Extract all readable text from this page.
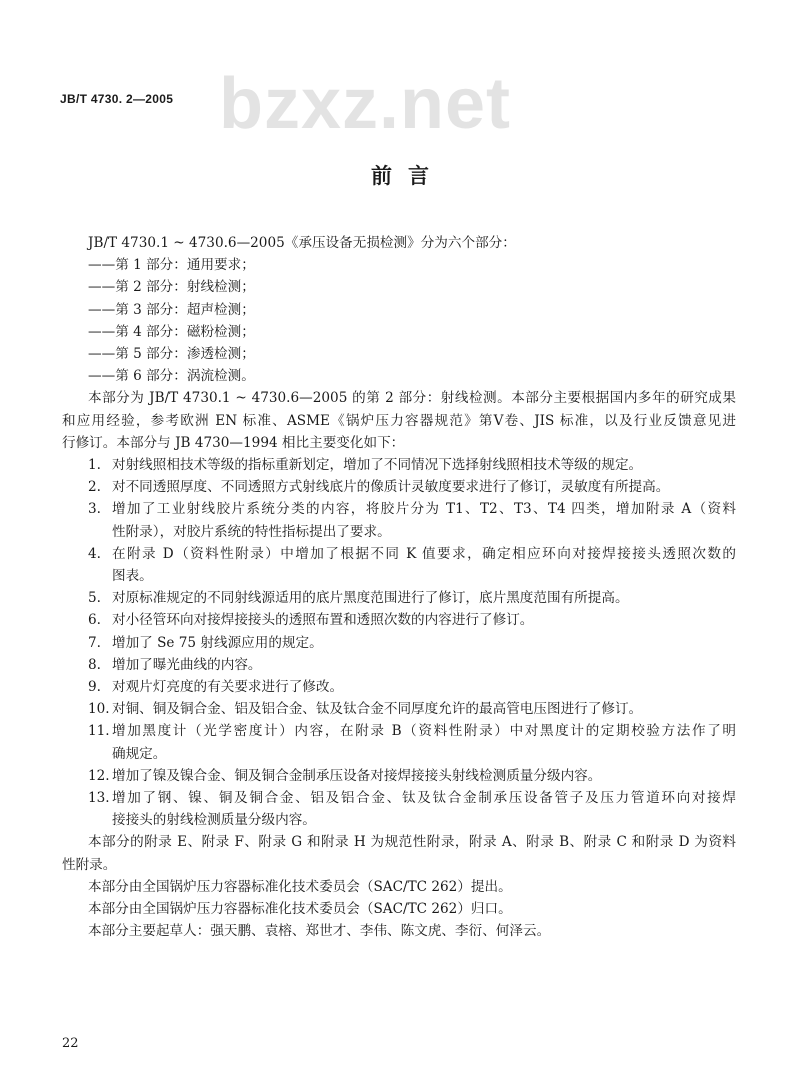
JB/T 4730. 2—2005 bzxz.net
前言
JB/T 4730.1 ~ 4730.6—2005《承压设备无损检测》分为六个部分：
——第 1 部分：通用要求；
——第 2 部分：射线检测；
——第 3 部分：超声检测；
——第 4 部分：磁粉检测；
——第 5 部分：渗透检测；
——第 6 部分：涡流检测。
本部分为 JB/T 4730.1 ~ 4730.6—2005 的第 2 部分：射线检测。本部分主要根据国内多年的研究成果
和应用经验，参考欧洲 EN 标准、ASME《锅炉压力容器规范》第Ⅴ卷、JIS 标准，以及行业反馈意见进
行修订。本部分与 JB 4730—1994 相比主要变化如下：
1. 对射线照相技术等级的指标重新划定，增加了不同情况下选择射线照相技术等级的规定。
2. 对不同透照厚度、不同透照方式射线底片的像质计灵敏度要求进行了修订，灵敏度有所提高。
3. 增加了工业射线胶片系统分类的内容，将胶片分为 T1、T2、T3、T4 四类，增加附录 A（资料
性附录），对胶片系统的特性指标提出了要求。
4. 在附录 D（资料性附录）中增加了根据不同 K 值要求，确定相应环向对接焊接接头透照次数的
图表。
5. 对原标准规定的不同射线源适用的底片黑度范围进行了修订，底片黑度范围有所提高。
6. 对小径管环向对接焊接接头的透照布置和透照次数的内容进行了修订。
7. 增加了 Se 75 射线源应用的规定。
8. 增加了曝光曲线的内容。
9. 对观片灯亮度的有关要求进行了修改。
10. 对铜、铜及铜合金、铝及铝合金、钛及钛合金不同厚度允许的最高管电压图进行了修订。
11. 增加黑度计（光学密度计）内容，在附录 B（资料性附录）中对黑度计的定期校验方法作了明
确规定。
12. 增加了镍及镍合金、铜及铜合金制承压设备对接焊接接头射线检测质量分级内容。
13. 增加了钢、镍、铜及铜合金、铝及铝合金、钛及钛合金制承压设备管子及压力管道环向对接焊
接接头的射线检测质量分级内容。
本部分的附录 E、附录 F、附录 G 和附录 H 为规范性附录，附录 A、附录 B、附录 C 和附录 D 为资料
性附录。
本部分由全国锅炉压力容器标准化技术委员会（SAC/TC 262）提出。
本部分由全国锅炉压力容器标准化技术委员会（SAC/TC 262）归口。
本部分主要起草人：强天鹏、袁榕、郑世才、李伟、陈文虎、李衍、何泽云。
22
